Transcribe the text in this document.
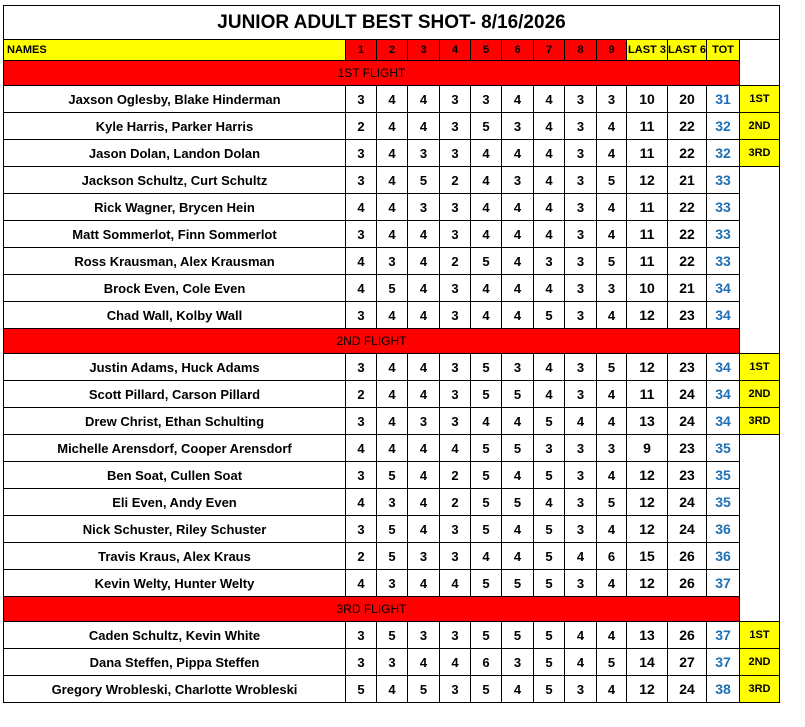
JUNIOR ADULT BEST SHOT- 8/16/2026													
NAMES	1	2	3	4	5	6	7	8	9	LAST 3	LAST 6	TOT	
1ST FLIGHT													
Jaxson Oglesby, Blake Hinderman	3	4	4	3	3	4	4	3	3	10	20	31	1ST
Kyle Harris, Parker Harris	2	4	4	3	5	3	4	3	4	11	22	32	2ND
Jason Dolan, Landon Dolan	3	4	3	3	4	4	4	3	4	11	22	32	3RD
Jackson Schultz, Curt Schultz	3	4	5	2	4	3	4	3	5	12	21	33	
Rick Wagner, Brycen Hein	4	4	3	3	4	4	4	3	4	11	22	33	
Matt Sommerlot, Finn Sommerlot	3	4	4	3	4	4	4	3	4	11	22	33	
Ross Krausman, Alex Krausman	4	3	4	2	5	4	3	3	5	11	22	33	
Brock Even, Cole Even	4	5	4	3	4	4	4	3	3	10	21	34	
Chad Wall, Kolby Wall	3	4	4	3	4	4	5	3	4	12	23	34	
2ND FLIGHT													
Justin Adams, Huck Adams	3	4	4	3	5	3	4	3	5	12	23	34	1ST
Scott Pillard, Carson Pillard	2	4	4	3	5	5	4	3	4	11	24	34	2ND
Drew Christ, Ethan Schulting	3	4	3	3	4	4	5	4	4	13	24	34	3RD
Michelle Arensdorf, Cooper Arensdorf	4	4	4	4	5	5	3	3	3	9	23	35	
Ben Soat, Cullen Soat	3	5	4	2	5	4	5	3	4	12	23	35	
Eli Even, Andy Even	4	3	4	2	5	5	4	3	5	12	24	35	
Nick Schuster, Riley Schuster	3	5	4	3	5	4	5	3	4	12	24	36	
Travis Kraus, Alex Kraus	2	5	3	3	4	4	5	4	6	15	26	36	
Kevin Welty, Hunter Welty	4	3	4	4	5	5	5	3	4	12	26	37	
3RD FLIGHT													
Caden Schultz, Kevin White	3	5	3	3	5	5	5	4	4	13	26	37	1ST
Dana Steffen, Pippa Steffen	3	3	4	4	6	3	5	4	5	14	27	37	2ND
Gregory Wrobleski, Charlotte Wrobleski	5	4	5	3	5	4	5	3	4	12	24	38	3RD
